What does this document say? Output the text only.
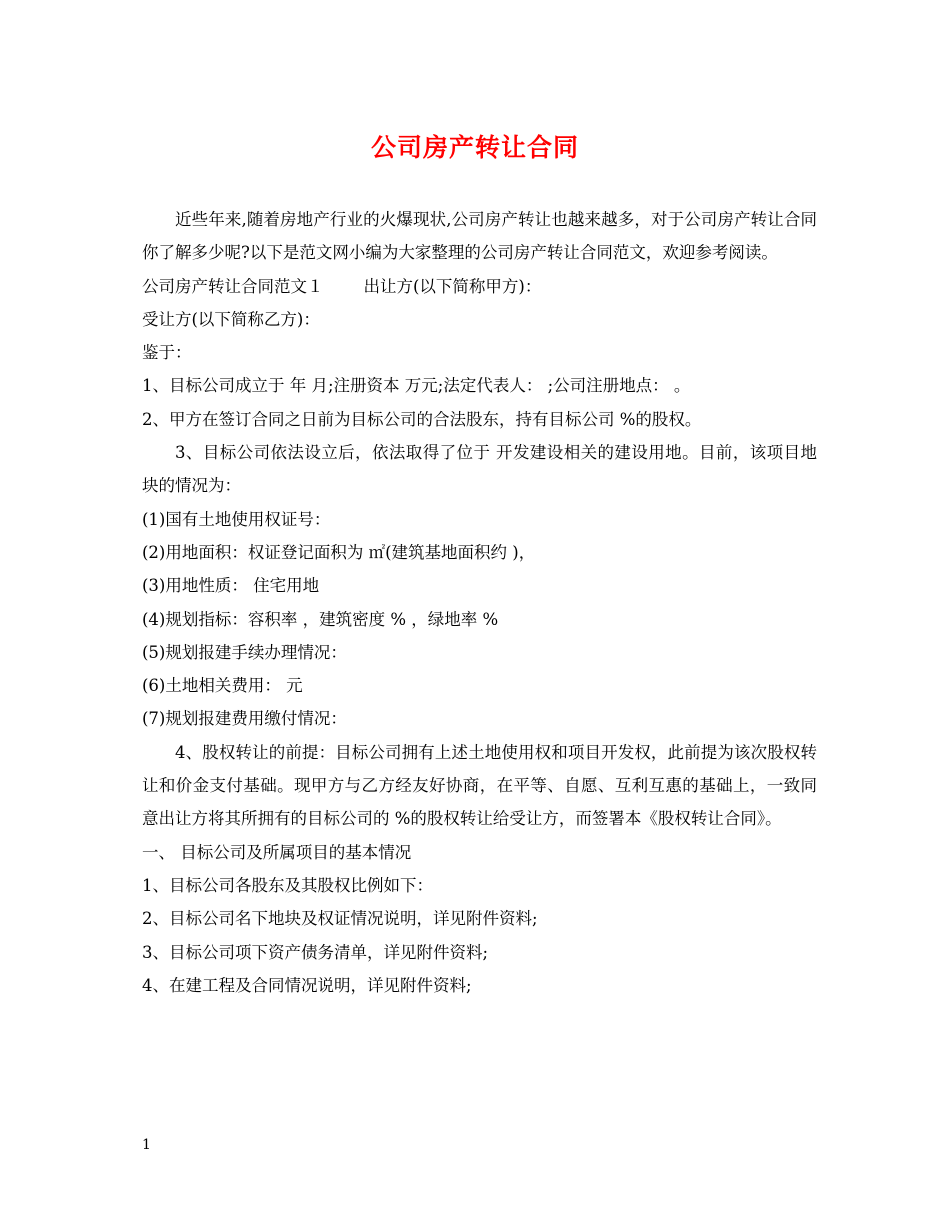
公司房产转让合同

近些年来,随着房地产行业的火爆现状,公司房产转让也越来越多，对于公司房产转让合同你了解多少呢?以下是范文网小编为大家整理的公司房产转让合同范文，欢迎参考阅读。

公司房产转让合同范文１ 出让方(以下简称甲方)：

受让方(以下简称乙方)：

鉴于：

1、目标公司成立于 年 月;注册资本 万元;法定代表人： ;公司注册地点： 。

2、甲方在签订合同之日前为目标公司的合法股东，持有目标公司 %的股权。

3、目标公司依法设立后，依法取得了位于 开发建设相关的建设用地。目前，该项目地块的情况为：

(1)国有土地使用权证号：

(2)用地面积：权证登记面积为 ㎡(建筑基地面积约 )，

(3)用地性质： 住宅用地

(4)规划指标：容积率 ，建筑密度 % ，绿地率 %

(5)规划报建手续办理情况：

(6)土地相关费用： 元

(7)规划报建费用缴付情况：

4、股权转让的前提：目标公司拥有上述土地使用权和项目开发权，此前提为该次股权转让和价金支付基础。现甲方与乙方经友好协商，在平等、自愿、互利互惠的基础上，一致同意出让方将其所拥有的目标公司的 %的股权转让给受让方，而签署本《股权转让合同》。

一、 目标公司及所属项目的基本情况

1、目标公司各股东及其股权比例如下：

2、目标公司名下地块及权证情况说明，详见附件资料;

3、目标公司项下资产债务清单，详见附件资料;

4、在建工程及合同情况说明，详见附件资料;

1
